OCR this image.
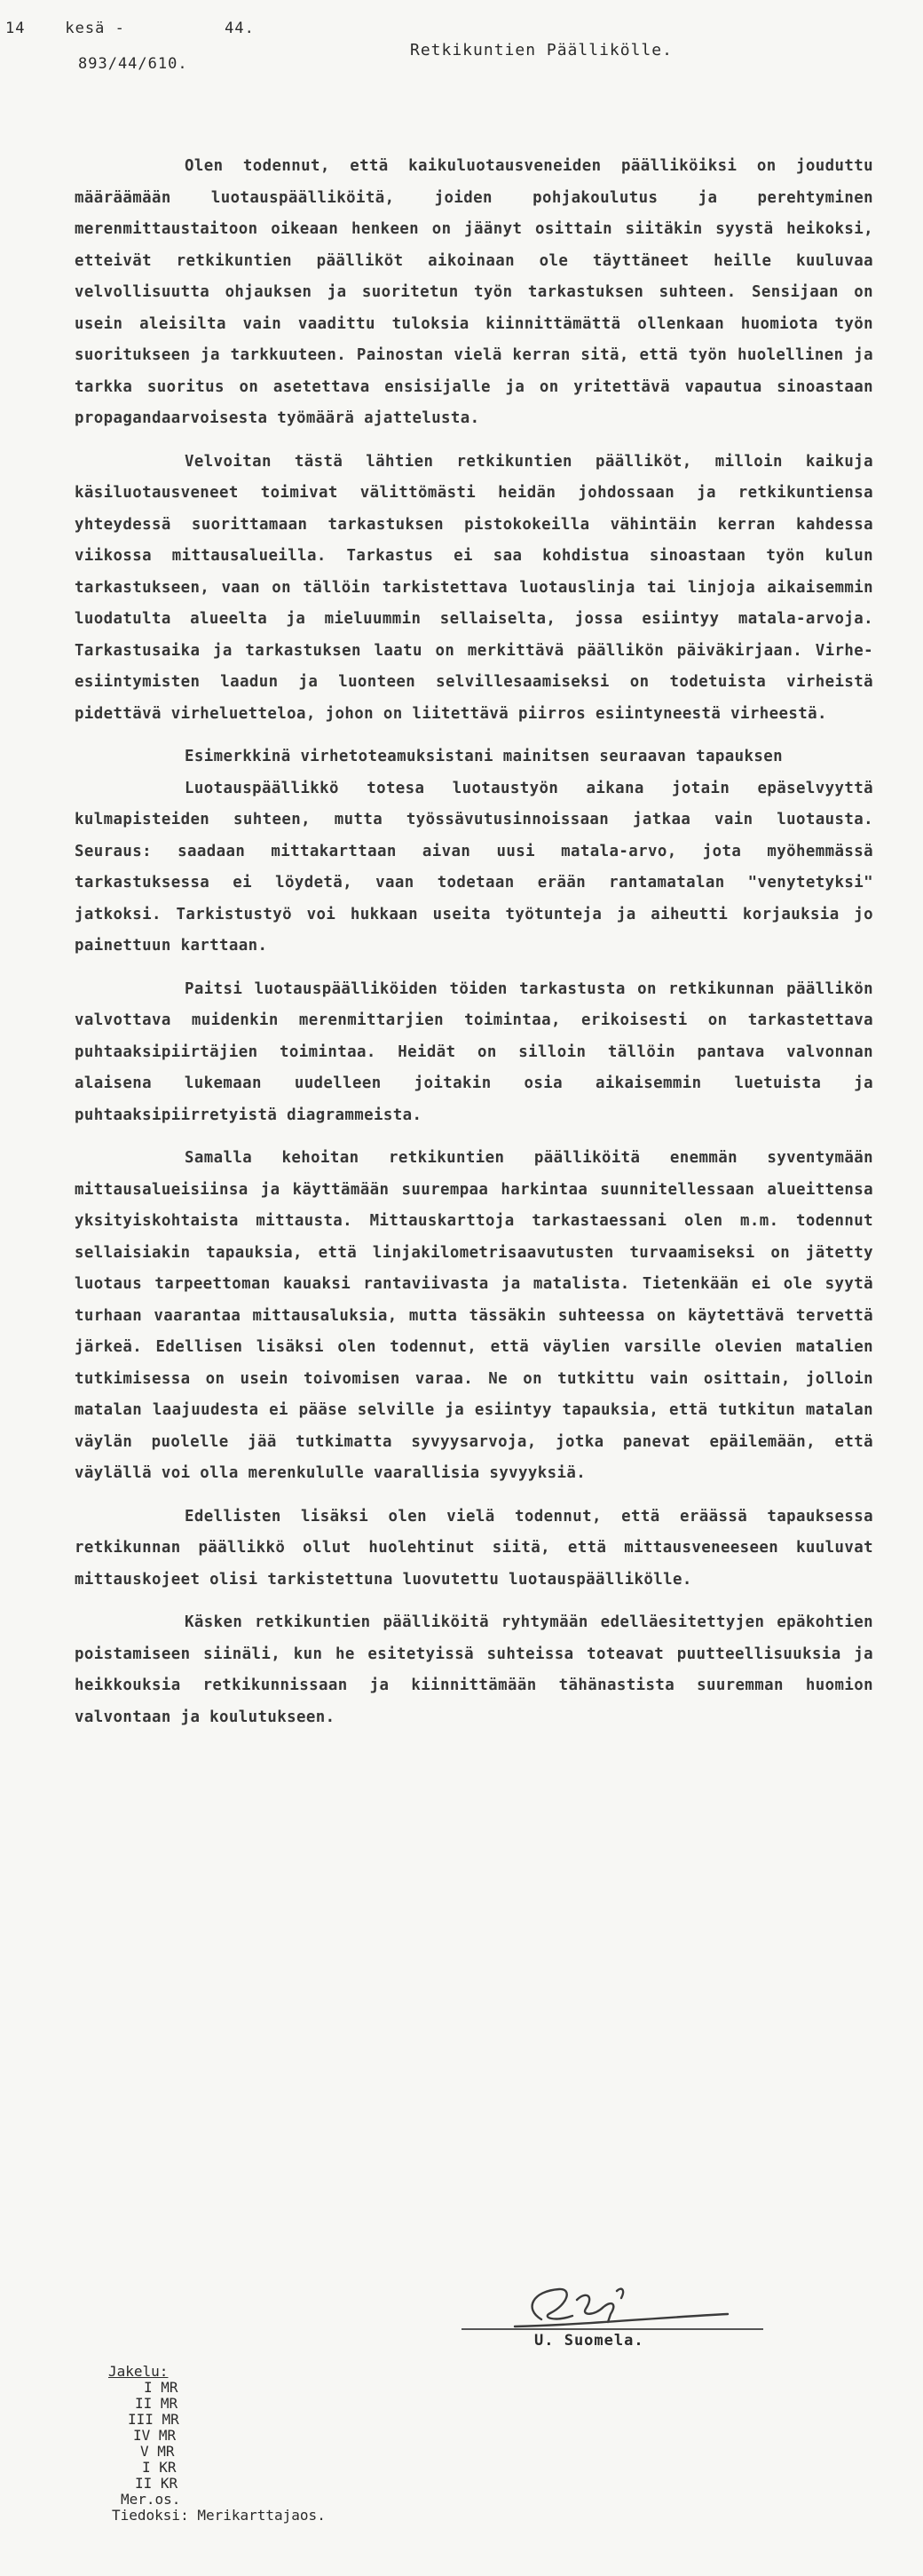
14    kesä -          44.
893/44/610.
Retkikuntien Päällikölle.

Olen todennut, että kaikuluotausveneiden päälliköiksi on jouduttu määräämään luotauspäälliköitä, joiden pohjakoulutus ja perehtyminen merenmittaustaitoon oikeaan henkeen on jäänyt osittain siitäkin syystä heikoksi, etteivät retkikuntien päälliköt aikoinaan ole täyttäneet heille kuuluvaa velvollisuutta ohjauksen ja suoritetun työn tarkastuksen suhteen. Sensijaan on usein aleisilta vain vaadittu tuloksia kiinnittämättä ollenkaan huomiota työn suoritukseen ja tarkkuuteen. Painostan vielä kerran sitä, että työn huolellinen ja tarkka suoritus on asetettava ensisijalle ja on yritettävä vapautua sinoastaan propagandaarvoisesta työmäärä ajattelusta.

Velvoitan tästä lähtien retkikuntien päälliköt, milloin kaikuja käsiluotausveneet toimivat välittömästi heidän johdossaan ja retkikuntiensa yhteydessä suorittamaan tarkastuksen pistokokeilla vähintäin kerran kahdessa viikossa mittausalueilla. Tarkastus ei saa kohdistua sinoastaan työn kulun tarkastukseen, vaan on tällöin tarkistettava luotauslinja tai linjoja aikaisemmin luodatulta alueelta ja mieluummin sellaiselta, jossa esiintyy matala-arvoja. Tarkastusaika ja tarkastuksen laatu on merkittävä päällikön päiväkirjaan. Virhe-esiintymisten laadun ja luonteen selvillesaamiseksi on todetuista virheistä pidettävä virheluetteloa, johon on liitettävä piirros esiintyneestä virheestä.

Esimerkkinä virhetoteamuksistani mainitsen seuraavan tapauksen

Luotauspäällikkö totesa luotaustyön aikana jotain epäselvyyttä kulmapisteiden suhteen, mutta työssävutusinnoissaan jatkaa vain luotausta. Seuraus: saadaan mittakarttaan aivan uusi matala-arvo, jota myöhemmässä tarkastuksessa ei löydetä, vaan todetaan erään rantamatalan "venytetyksi" jatkoksi. Tarkistustyö voi hukkaan useita työtunteja ja aiheutti korjauksia jo painettuun karttaan.

Paitsi luotauspäälliköiden töiden tarkastusta on retkikunnan päällikön valvottava muidenkin merenmittarjien toimintaa, erikoisesti on tarkastettava puhtaaksipiirtäjien toimintaa. Heidät on silloin tällöin pantava valvonnan alaisena lukemaan uudelleen joitakin osia aikaisemmin luetuista ja puhtaaksipiirretyistä diagrammeista.

Samalla kehoitan retkikuntien päälliköitä enemmän syventymään mittausalueisiinsa ja käyttämään suurempaa harkintaa suunnitellessaan alueittensa yksityiskohtaista mittausta. Mittauskarttoja tarkastaessani olen m.m. todennut sellaisiakin tapauksia, että linjakilometrisaavutusten turvaamiseksi on jätetty luotaus tarpeettoman kauaksi rantaviivasta ja matalista. Tietenkään ei ole syytä turhaan vaarantaa mittausaluksia, mutta tässäkin suhteessa on käytettävä tervettä järkeä. Edellisen lisäksi olen todennut, että väylien varsille olevien matalien tutkimisessa on usein toivomisen varaa. Ne on tutkittu vain osittain, jolloin matalan laajuudesta ei pääse selville ja esiintyy tapauksia, että tutkitun matalan väylän puolelle jää tutkimatta syvyysarvoja, jotka panevat epäilemään, että väylällä voi olla merenkululle vaarallisia syvyyksiä.

Edellisten lisäksi olen vielä todennut, että eräässä tapauksessa retkikunnan päällikkö ollut huolehtinut siitä, että mittausveneeseen kuuluvat mittauskojeet olisi tarkistettuna luovutettu luotauspäällikölle.

Käsken retkikuntien päälliköitä ryhtymään edelläesitettyjen epäkohtien poistamiseen siinäli, kun he esitetyissä suhteissa toteavat puutteellisuuksia ja heikkouksia retkikunnissaan ja kiinnittämään tähänastista suuremman huomion valvontaan ja koulutukseen.

U. Suomela.
Jakelu:
I MR
II MR
III MR
IV MR
V MR
I KR
II KR
Mer.os.
Tiedoksi: Merikarttajaos.
